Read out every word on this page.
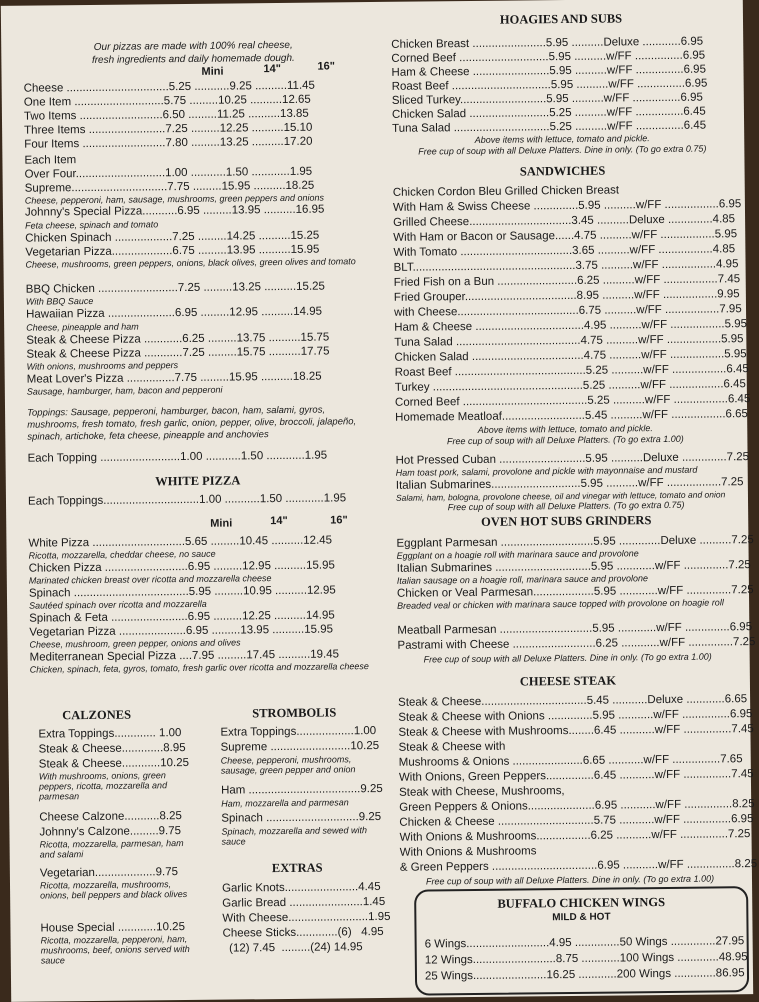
Our pizzas are made with 100% real cheese,
fresh ingredients and daily homemade dough.
Mini	14"	16"
Cheese ................................5.25 ...........9.25 ..........11.45
One Item ............................5.75 .........10.25 ..........12.65
Two Items ..........................6.50 .........11.25 ..........13.85
Three Items ........................7.25 .........12.25 ..........15.10
Four Items ..........................7.80 .........13.25 ..........17.20
Each Item
Over Four............................1.00 ...........1.50 ............1.95
Supreme..............................7.75 .........15.95 ..........18.25
Cheese, pepperoni, ham, sausage, mushrooms, green peppers and onions
Johnny's Special Pizza...........6.95 .........13.95 ..........16.95
Feta cheese, spinach and tomato
Chicken Spinach ..................7.25 .........14.25 ..........15.25
Vegetarian Pizza...................6.75 .........13.95 ..........15.95
Cheese, mushrooms, green peppers, onions, black olives, green olives and tomato
BBQ Chicken .........................7.25 .........13.25 ..........15.25
With BBQ Sauce
Hawaiian Pizza .....................6.95 .........12.95 ..........14.95
Cheese, pineapple and ham
Steak & Cheese Pizza ............6.25 .........13.75 ..........15.75
Steak & Cheese Pizza ............7.25 .........15.75 ..........17.75
With onions, mushrooms and peppers
Meat Lover's Pizza ...............7.75 .........15.95 ..........18.25
Sausage, hamburger, ham, bacon and pepperoni
Toppings: Sausage, pepperoni, hamburger, bacon, ham, salami, gyros, mushrooms, fresh tomato, fresh garlic, onion, pepper, olive, broccoli, jalapeño, spinach, artichoke, feta cheese, pineapple and anchovies
Each Topping .........................1.00 ...........1.50 ............1.95
WHITE PIZZA
Each Toppings..............................1.00 ...........1.50 ............1.95
Mini	14"	16"
White Pizza .............................5.65 .........10.45 ..........12.45
Ricotta, mozzarella, cheddar cheese, no sauce
Chicken Pizza ..........................6.95 .........12.95 ..........15.95
Marinated chicken breast over ricotta and mozzarella cheese
Spinach ....................................5.95 .........10.95 ..........12.95
Sautéed spinach over ricotta and mozzarella
Spinach & Feta ........................6.95 .........12.25 ..........14.95
Vegetarian Pizza .....................6.95 .........13.95 ..........15.95
Cheese, mushroom, green pepper, onions and olives
Mediterranean Special Pizza ....7.95 .........17.45 ..........19.45
Chicken, spinach, feta, gyros, tomato, fresh garlic over ricotta and mozzarella cheese
CALZONES
Extra Toppings............. 1.00
Steak & Cheese.............8.95
Steak & Cheese............10.25
With mushrooms, onions, green peppers, ricotta, mozzarella and parmesan
Cheese Calzone...........8.25
Johnny's Calzone.........9.75
Ricotta, mozzarella, parmesan, ham and salami
Vegetarian...................9.75
Ricotta, mozzarella, mushrooms, onions, bell peppers and black olives
House Special ............10.25
Ricotta, mozzarella, pepperoni, ham, mushrooms, beef, onions served with sauce
STROMBOLIS
Extra Toppings..................1.00
Supreme .........................10.25
Cheese, pepperoni, mushrooms, sausage, green pepper and onion
Ham ...................................9.25
Ham, mozzarella and parmesan
Spinach .............................9.25
Spinach, mozzarella and sewed with sauce
EXTRAS
Garlic Knots.......................4.45
Garlic Bread .......................1.45
With Cheese.........................1.95
Cheese Sticks.............(6)   4.95
(12) 7.45  .........(24) 14.95
HOAGIES AND SUBS
Chicken Breast .......................5.95 ..........Deluxe ............6.95
Corned Beef ............................5.95 ..........w/FF ...............6.95
Ham & Cheese ........................5.95 ..........w/FF ...............6.95
Roast Beef ...............................5.95 ..........w/FF ...............6.95
Sliced Turkey...........................5.95 ..........w/FF ...............6.95
Chicken Salad .........................5.25 ..........w/FF ...............6.45
Tuna Salad ..............................5.25 ..........w/FF ...............6.45
Above items with lettuce, tomato and pickle.
Free cup of soup with all Deluxe Platters. Dine in only. (To go extra 0.75)
SANDWICHES
Chicken Cordon Bleu Grilled Chicken Breast
With Ham & Swiss Cheese ..............5.95 ..........w/FF .................6.95
Grilled Cheese................................3.45 ..........Deluxe ..............4.85
With Ham or Bacon or Sausage......4.75 ..........w/FF .................5.95
With Tomato ...................................3.65 ..........w/FF .................4.85
BLT...................................................3.75 ..........w/FF .................4.95
Fried Fish on a Bun .........................6.25 ..........w/FF .................7.45
Fried Grouper...................................8.95 ..........w/FF .................9.95
with Cheese......................................6.75 ..........w/FF .................7.95
Ham & Cheese ..................................4.95 ..........w/FF .................5.95
Tuna Salad .......................................4.75 ..........w/FF .................5.95
Chicken Salad ...................................4.75 ..........w/FF .................5.95
Roast Beef .........................................5.25 ..........w/FF .................6.45
Turkey ...............................................5.25 ..........w/FF .................6.45
Corned Beef .......................................5.25 ..........w/FF .................6.45
Homemade Meatloaf..........................5.45 ..........w/FF .................6.65
Above items with lettuce, tomato and pickle.
Free cup of soup with all Deluxe Platters. (To go extra 1.00)
Hot Pressed Cuban ...........................5.95 ..........Deluxe ..............7.25
Ham toast pork, salami, provolone and pickle with mayonnaise and mustard
Italian Submarines............................5.95 ..........w/FF .................7.25
Salami, ham, bologna, provolone cheese, oil and vinegar with lettuce, tomato and onion
Free cup of soup with all Deluxe Platters. (To go extra 0.75)
OVEN HOT SUBS GRINDERS
Eggplant Parmesan .............................5.95 .............Deluxe ..........7.25
Eggplant on a hoagie roll with marinara sauce and provolone
Italian Submarines ..............................5.95 ............w/FF ..............7.25
Italian sausage on a hoagie roll, marinara sauce and provolone
Chicken or Veal Parmesan...................5.95 ............w/FF ..............7.25
Breaded veal or chicken with marinara sauce topped with provolone on hoagie roll
Meatball Parmesan .............................5.95 ............w/FF ..............6.95
Pastrami with Cheese ..........................6.25 ............w/FF ..............7.25
Free cup of soup with all Deluxe Platters. Dine in only. (To go extra 1.00)
CHEESE STEAK
Steak & Cheese.................................5.45 ...........Deluxe ............6.65
Steak & Cheese with Onions ..............5.95 ...........w/FF ...............6.95
Steak & Cheese with Mushrooms........6.45 ...........w/FF ...............7.45
Steak & Cheese with
Mushrooms & Onions ......................6.65 ...........w/FF ...............7.65
With Onions, Green Peppers...............6.45 ...........w/FF ...............7.45
Steak with Cheese, Mushrooms,
Green Peppers & Onions.....................6.95 ...........w/FF ...............8.25
Chicken & Cheese ..............................5.75 ...........w/FF ...............6.95
With Onions & Mushrooms.................6.25 ...........w/FF ...............7.25
With Onions & Mushrooms
& Green Peppers .................................6.95 ...........w/FF ...............8.25
Free cup of soup with all Deluxe Platters. Dine in only. (To go extra 1.00)
BUFFALO CHICKEN WINGS
MILD & HOT
6 Wings..........................4.95 ..............50 Wings ..............27.95
12 Wings..........................8.75 ............100 Wings .............48.95
25 Wings.......................16.25 ............200 Wings .............86.95
